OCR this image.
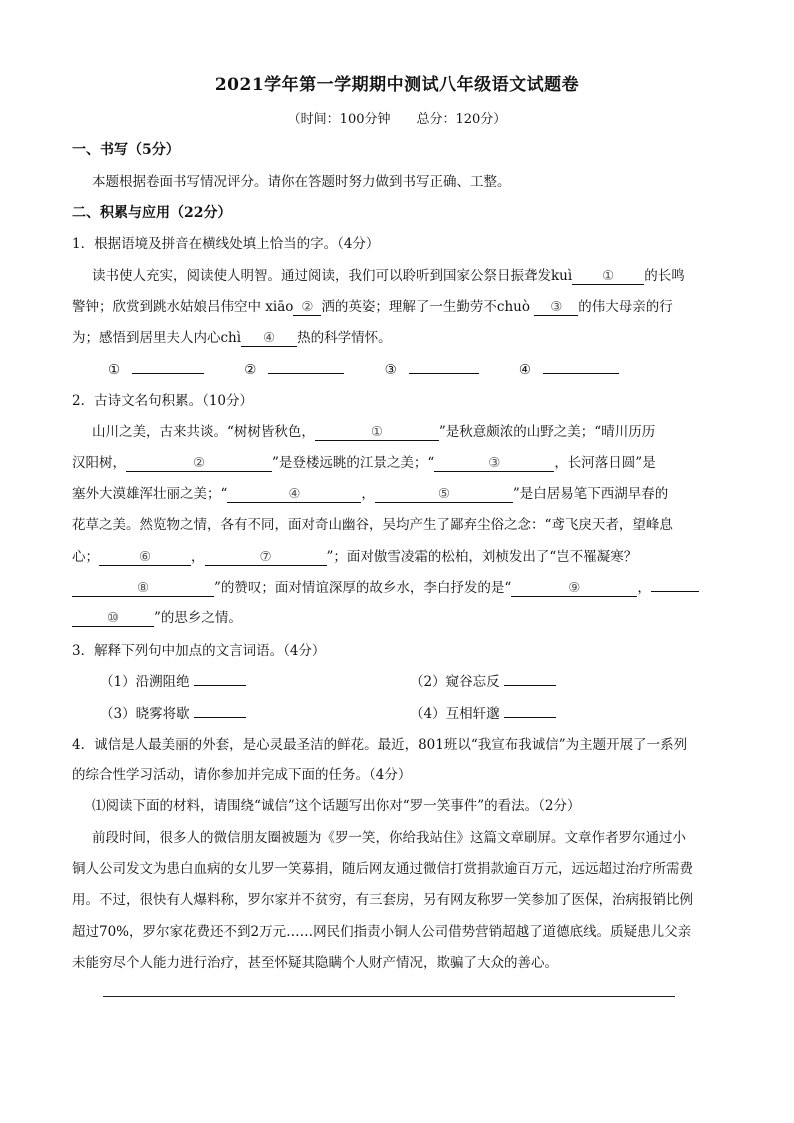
2021学年第一学期期中测试八年级语文试题卷
（时间：100分钟　　总分：120分）
一、书写（5分）
本题根据卷面书写情况评分。请你在答题时努力做到书写正确、工整。
二、积累与应用（22分）
1．根据语境及拼音在横线处填上恰当的字。（4分）
读书使人充实，阅读使人明智。通过阅读，我们可以聆听到国家公祭日振聋发kuì ① 的长鸣
警钟；欣赏到跳水姑娘吕伟空中 xiāo ② 洒的英姿；理解了一生勤劳不chuò ③ 的伟大母亲的行
为；感悟到居里夫人内心chì ④ 热的科学情怀。
①	②	③	④
2．古诗文名句积累。（10分）
山川之美，古来共谈。“树树皆秋色，	①	”是秋意颇浓的山野之美；“晴川历历
汉阳树，	②	”是登楼远眺的江景之美；“	③	，长河落日圆”是
塞外大漠雄浑壮丽之美；“	④	，	⑤	”是白居易笔下西湖早春的
花草之美。然览物之情，各有不同，面对奇山幽谷，吴均产生了鄙弃尘俗之念：“鸢飞戾天者，望峰息
心；	⑥	，	⑦	”；面对傲雪凌霜的松柏，刘桢发出了“岂不罹凝寒？
⑧	”的赞叹；面对情谊深厚的故乡水，李白抒发的是“	⑨	，
⑩	”的思乡之情。
3．解释下列句中加点的文言词语。（4分）
（1）沿溯阻绝	（2）窥谷忘反
（3）晓雾将歇	（4）互相轩邈
4．诚信是人最美丽的外套，是心灵最圣洁的鲜花。最近，801班以“我宣布我诚信”为主题开展了一系列
的综合性学习活动，请你参加并完成下面的任务。（4分）
⑴阅读下面的材料，请围绕“诚信”这个话题写出你对“罗一笑事件”的看法。（2分）
前段时间，很多人的微信朋友圈被题为《罗一笑，你给我站住》这篇文章刷屏。文章作者罗尔通过小
铜人公司发文为患白血病的女儿罗一笑募捐，随后网友通过微信打赏捐款逾百万元，远远超过治疗所需费
用。不过，很快有人爆料称，罗尔家并不贫穷，有三套房，另有网友称罗一笑参加了医保，治病报销比例
超过70%，罗尔家花费还不到2万元……网民们指责小铜人公司借势营销超越了道德底线。质疑患儿父亲
未能穷尽个人能力进行治疗，甚至怀疑其隐瞒个人财产情况，欺骗了大众的善心。
